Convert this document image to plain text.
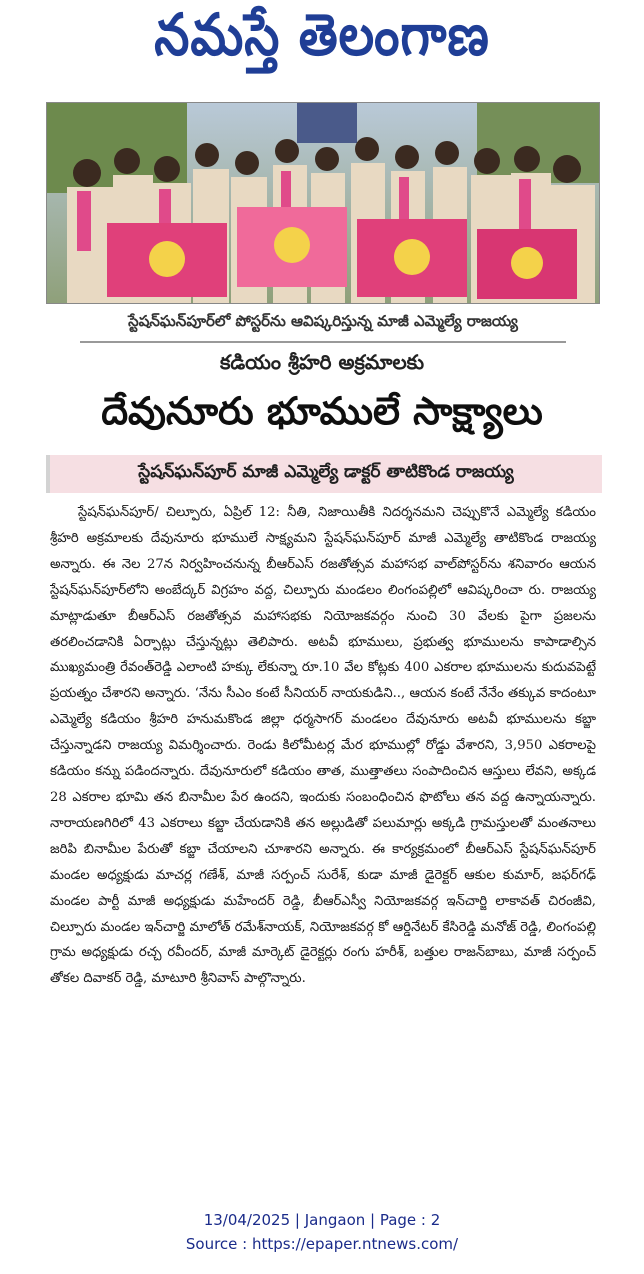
నమస్తే తెలంగాణ
స్టేషన్‌ఘన్‌పూర్‌లో పోస్టర్‌ను ఆవిష్కరిస్తున్న మాజీ ఎమ్మెల్యే రాజయ్య
కడియం శ్రీహరి అక్రమాలకు
దేవునూరు భూములే సాక్ష్యాలు
స్టేషన్‌ఘన్‌పూర్ మాజీ ఎమ్మెల్యే డాక్టర్ తాటికొండ రాజయ్య
స్టేషన్‌ఘన్‌పూర్/ చిల్పూరు, ఏప్రిల్ 12: నీతి, నిజాయితీకి నిదర్శనమని చెప్పుకొనే ఎమ్మెల్యే కడియం శ్రీహరి అక్రమాలకు దేవునూరు భూములే సాక్ష్యమని స్టేషన్‌ఘన్‌పూర్ మాజీ ఎమ్మెల్యే తాటికొండ రాజయ్య అన్నారు. ఈ నెల 27న నిర్వహించనున్న బీఆర్‌ఎస్ రజతోత్సవ మహాసభ వాల్‌పోస్టర్‌ను శనివారం ఆయన స్టేషన్‌ఘన్‌పూర్‌లోని అంబేద్కర్ విగ్రహం వద్ద, చిల్పూరు మండలం లింగంపల్లిలో ఆవిష్కరించా రు. రాజయ్య మాట్లాడుతూ బీఆర్‌ఎస్ రజతోత్సవ మహాసభకు నియోజకవర్గం నుంచి 30 వేలకు పైగా ప్రజలను తరలించడానికి ఏర్పాట్లు చేస్తున్నట్లు తెలిపారు. అటవీ భూములు, ప్రభుత్వ భూములను కాపాడాల్సిన ముఖ్యమంత్రి రేవంత్‌రెడ్డి ఎలాంటి హక్కు లేకున్నా రూ.10 వేల కోట్లకు 400 ఎకరాల భూములను కుదువపెట్టే ప్రయత్నం చేశారని అన్నారు. ‘నేను సీఎం కంటే సీనియర్ నాయకుడిని.., ఆయన కంటే నేనేం తక్కువ కాదంటూ ఎమ్మెల్యే కడియం శ్రీహరి హనుమకొండ జిల్లా ధర్మసాగర్ మండలం దేవునూరు అటవీ భూములను కబ్జా చేస్తున్నాడని రాజయ్య విమర్శించారు. రెండు కిలోమీటర్ల మేర భూముల్లో రోడ్డు వేశారని, 3,950 ఎకరాలపై కడియం కన్ను పడిందన్నారు. దేవునూరులో కడియం తాత, ముత్తాతలు సంపాదించిన ఆస్తులు లేవని, అక్కడ 28 ఎకరాల భూమి తన బినామీల పేర ఉందని, ఇందుకు సంబంధించిన ఫొటోలు తన వద్ద ఉన్నాయన్నారు. నారాయణగిరిలో 43 ఎకరాలు కబ్జా చేయడానికి తన అల్లుడితో పలుమార్లు అక్కడి గ్రామస్తులతో మంతనాలు జరిపి బినామీల పేరుతో కబ్జా చేయాలని చూశారని అన్నారు. ఈ కార్యక్రమంలో బీఆర్‌ఎస్ స్టేషన్‌ఘన్‌పూర్ మండల అధ్యక్షుడు మాచర్ల గణేశ్, మాజీ సర్పంచ్ సురేశ్, కుడా మాజీ డైరెక్టర్ ఆకుల కుమార్, జఫర్‌గఢ్ మండల పార్టీ మాజీ అధ్యక్షుడు మహేందర్ రెడ్డి, బీఆర్‌ఎస్వీ నియోజకవర్గ ఇన్‌చార్జి లాకావత్ చిరంజీవి, చిల్పూరు మండల ఇన్‌చార్జి మాలోత్ రమేశ్‌నాయక్, నియోజకవర్గ కో ఆర్డినేటర్ కేసిరెడ్డి మనోజ్ రెడ్డి, లింగంపల్లి గ్రామ అధ్యక్షుడు రచ్చ రవీందర్, మాజీ మార్కెట్ డైరెక్టర్లు రంగు హరీశ్, బత్తుల రాజన్‌బాబు, మాజీ సర్పంచ్ తోకల దివాకర్ రెడ్డి, మాటూరి శ్రీనివాస్ పాల్గొన్నారు.
13/04/2025 | Jangaon | Page : 2
Source : https://epaper.ntnews.com/
